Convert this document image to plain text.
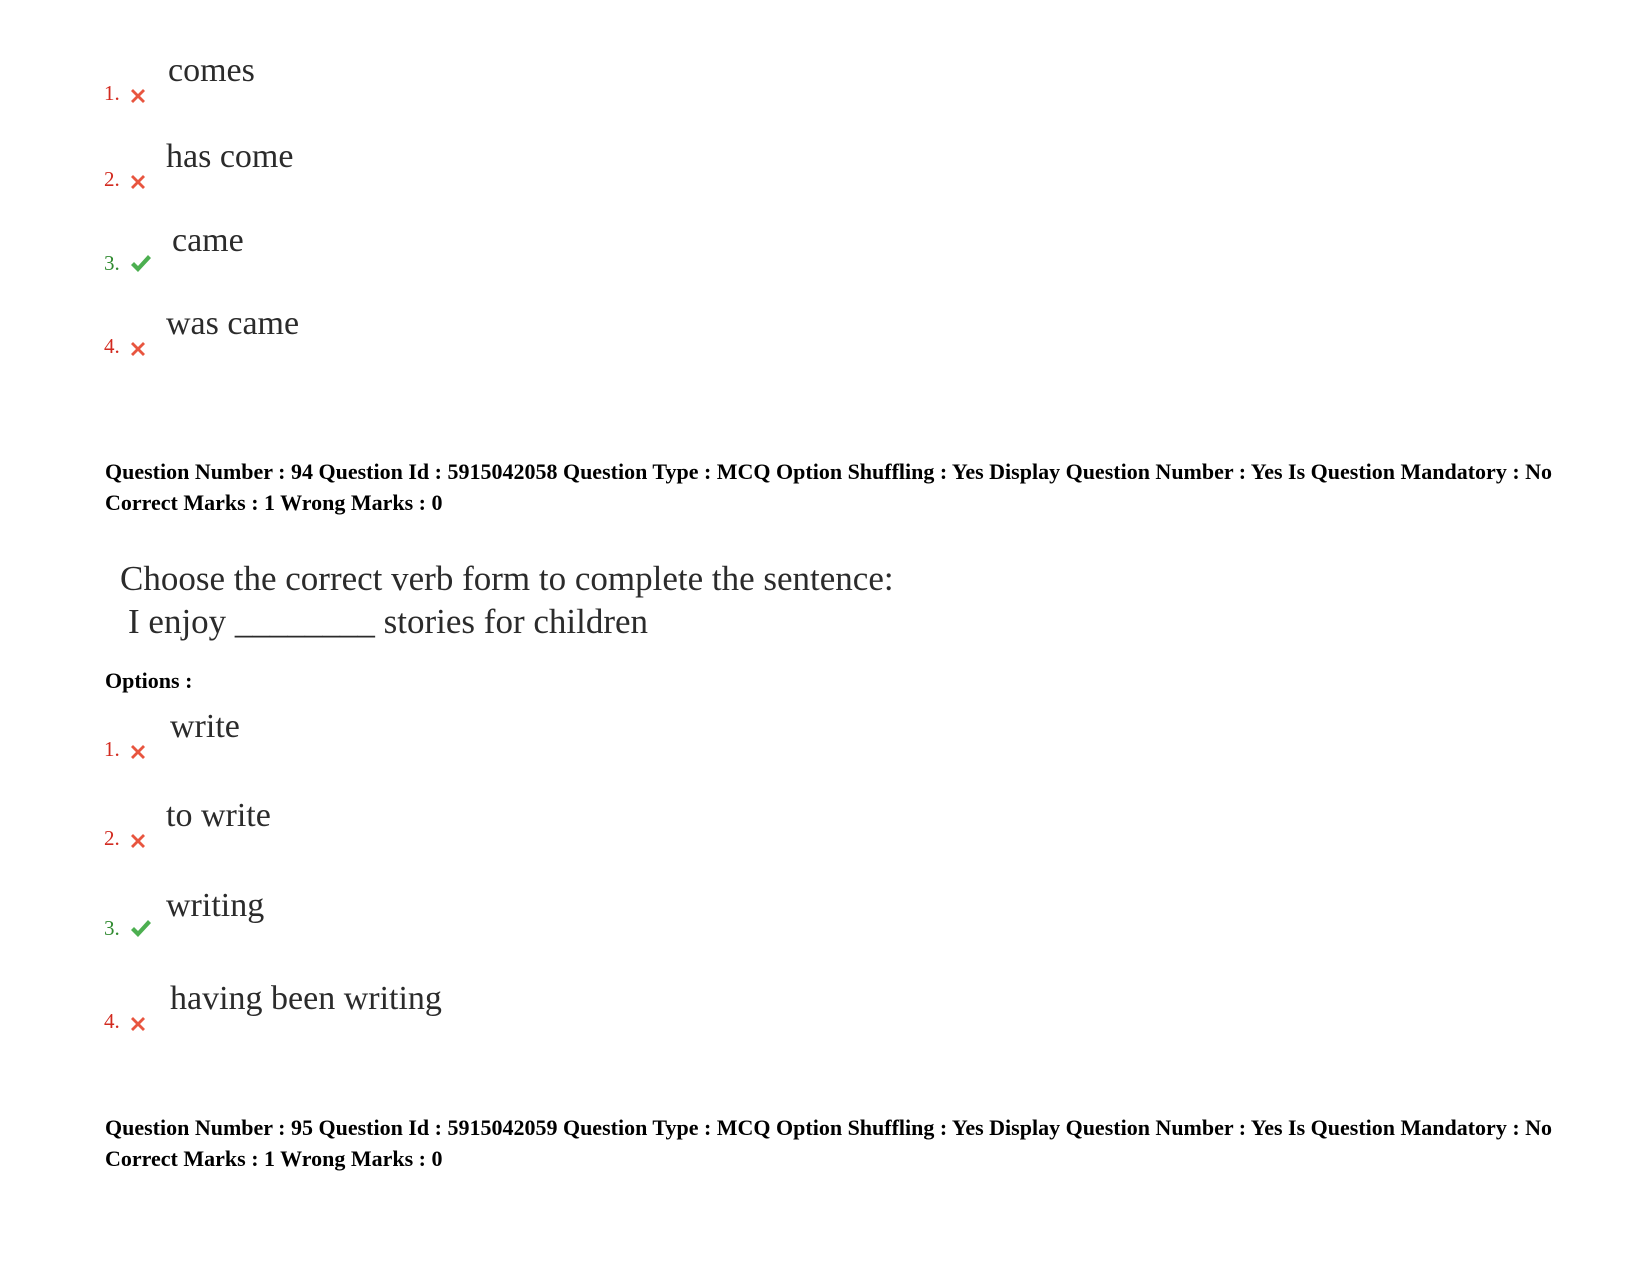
1.
comes
2.
has come
3.
came
4.
was came
Question Number : 94 Question Id : 5915042058 Question Type : MCQ Option Shuffling : Yes Display Question Number : Yes Is Question Mandatory : No
Correct Marks : 1 Wrong Marks : 0
Choose the correct verb form to complete the sentence:
I enjoy ________ stories for children
Options :
1.
write
2.
to write
3.
writing
4.
having been writing
Question Number : 95 Question Id : 5915042059 Question Type : MCQ Option Shuffling : Yes Display Question Number : Yes Is Question Mandatory : No
Correct Marks : 1 Wrong Marks : 0
